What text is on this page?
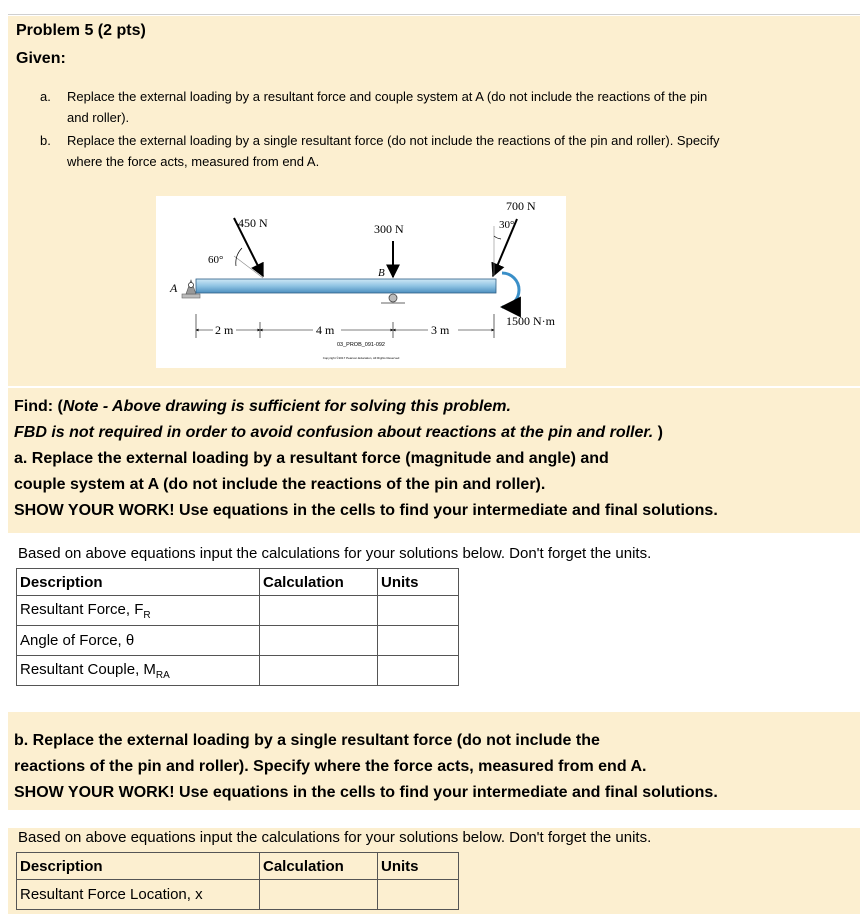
Problem 5 (2 pts)
Given:
a. Replace the external loading by a resultant force and couple system at A (do not include the reactions of the pin and roller).
b. Replace the external loading by a single resultant force (do not include the reactions of the pin and roller). Specify where the force acts, measured from end A.
450 N
60°
300 N
B
A
700 N
30°
1500 N·m
2 m	4 m	3 m
03_PROB_091-092
Copyright ©2017 Pearson Education, All Rights Reserved
Find: (Note - Above drawing is sufficient for solving this problem.
FBD is not required in order to avoid confusion about reactions at the pin and roller. )
a. Replace the external loading by a resultant force (magnitude and angle) and
couple system at A (do not include the reactions of the pin and roller).
SHOW YOUR WORK! Use equations in the cells to find your intermediate and final solutions.
Based on above equations input the calculations for your solutions below. Don't forget the units.
Description	Calculation	Units
Resultant Force, $F_R$		
Angle of Force, θ		
Resultant Couple, $M_{RA}$		
b. Replace the external loading by a single resultant force (do not include the
reactions of the pin and roller). Specify where the force acts, measured from end A.
SHOW YOUR WORK! Use equations in the cells to find your intermediate and final solutions.
Based on above equations input the calculations for your solutions below. Don't forget the units.
Description	Calculation	Units
Resultant Force Location, x		
